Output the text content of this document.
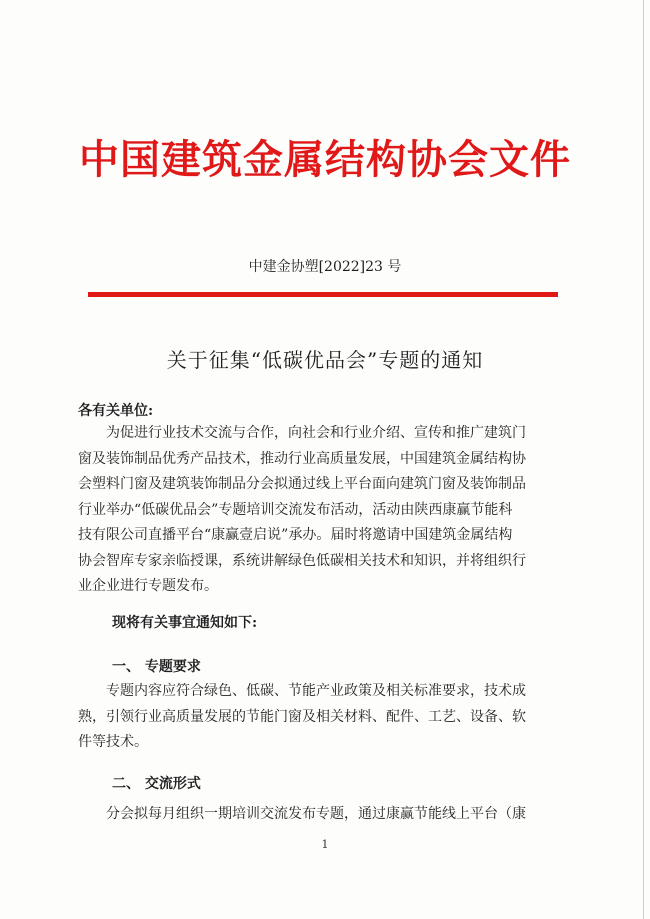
中国建筑金属结构协会文件
中建金协塑[2022]23 号
关于征集“低碳优品会”专题的通知
各有关单位:
为促进行业技术交流与合作，向社会和行业介绍、宣传和推广建筑门
窗及装饰制品优秀产品技术，推动行业高质量发展，中国建筑金属结构协
会塑料门窗及建筑装饰制品分会拟通过线上平台面向建筑门窗及装饰制品
行业举办“低碳优品会”专题培训交流发布活动，活动由陕西康赢节能科
技有限公司直播平台“康赢壹启说”承办。届时将邀请中国建筑金属结构
协会智库专家亲临授课，系统讲解绿色低碳相关技术和知识，并将组织行
业企业进行专题发布。
现将有关事宜通知如下:
一、 专题要求
专题内容应符合绿色、低碳、节能产业政策及相关标准要求，技术成
熟，引领行业高质量发展的节能门窗及相关材料、配件、工艺、设备、软
件等技术。
二、 交流形式
分会拟每月组织一期培训交流发布专题，通过康赢节能线上平台（康
1
